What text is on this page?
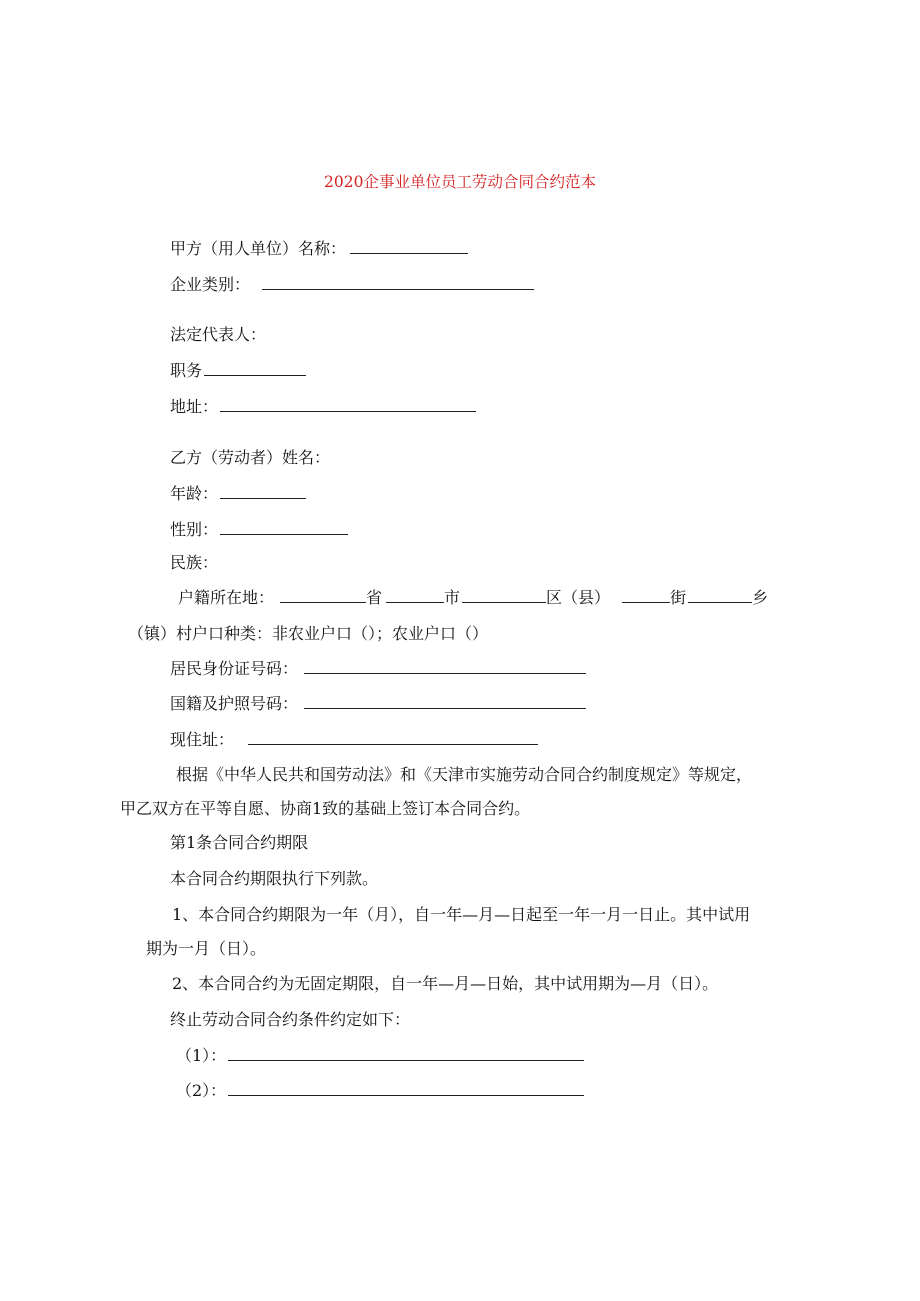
2020企事业单位员工劳动合同合约范本
甲方（用人单位）名称：
企业类别：
法定代表人：
职务
地址：
乙方（劳动者）姓名：
年龄：
性别：
民族：
户籍所在地：	省	市	区（县）	街	乡
（镇）村户口种类：非农业户口（）；农业户口（）
居民身份证号码：
国籍及护照号码：
现住址：
根据《中华人民共和国劳动法》和《天津市实施劳动合同合约制度规定》等规定，
甲乙双方在平等自愿、协商1致的基础上签订本合同合约。
第1条合同合约期限
本合同合约期限执行下列款。
1、本合同合约期限为一年（月），自一年—月—日起至一年一月一日止。其中试用
期为一月（日）。
2、本合同合约为无固定期限，自一年—月—日始，其中试用期为—月（日）。
终止劳动合同合约条件约定如下：
（1）：
（2）：
